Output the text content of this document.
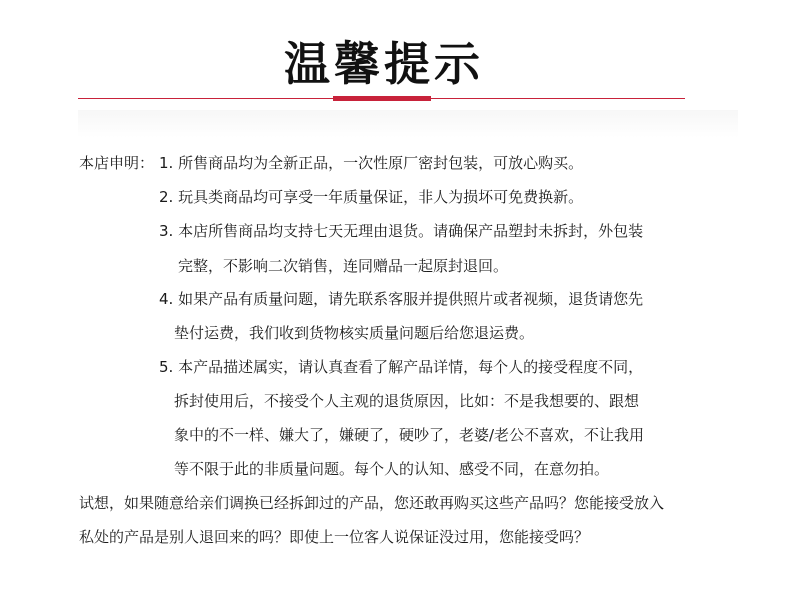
温馨提示
本店申明： 1. 所售商品均为全新正品，一次性原厂密封包装，可放心购买。
2. 玩具类商品均可享受一年质量保证，非人为损坏可免费换新。
3. 本店所售商品均支持七天无理由退货。请确保产品塑封未拆封，外包装
完整，不影响二次销售，连同赠品一起原封退回。
4. 如果产品有质量问题，请先联系客服并提供照片或者视频，退货请您先
垫付运费，我们收到货物核实质量问题后给您退运费。
5. 本产品描述属实，请认真查看了解产品详情，每个人的接受程度不同，
拆封使用后，不接受个人主观的退货原因，比如：不是我想要的、跟想
象中的不一样、嫌大了，嫌硬了，硬吵了，老婆/老公不喜欢，不让我用
等不限于此的非质量问题。每个人的认知、感受不同，在意勿拍。
试想，如果随意给亲们调换已经拆卸过的产品，您还敢再购买这些产品吗？您能接受放入
私处的产品是别人退回来的吗？即使上一位客人说保证没过用，您能接受吗？
